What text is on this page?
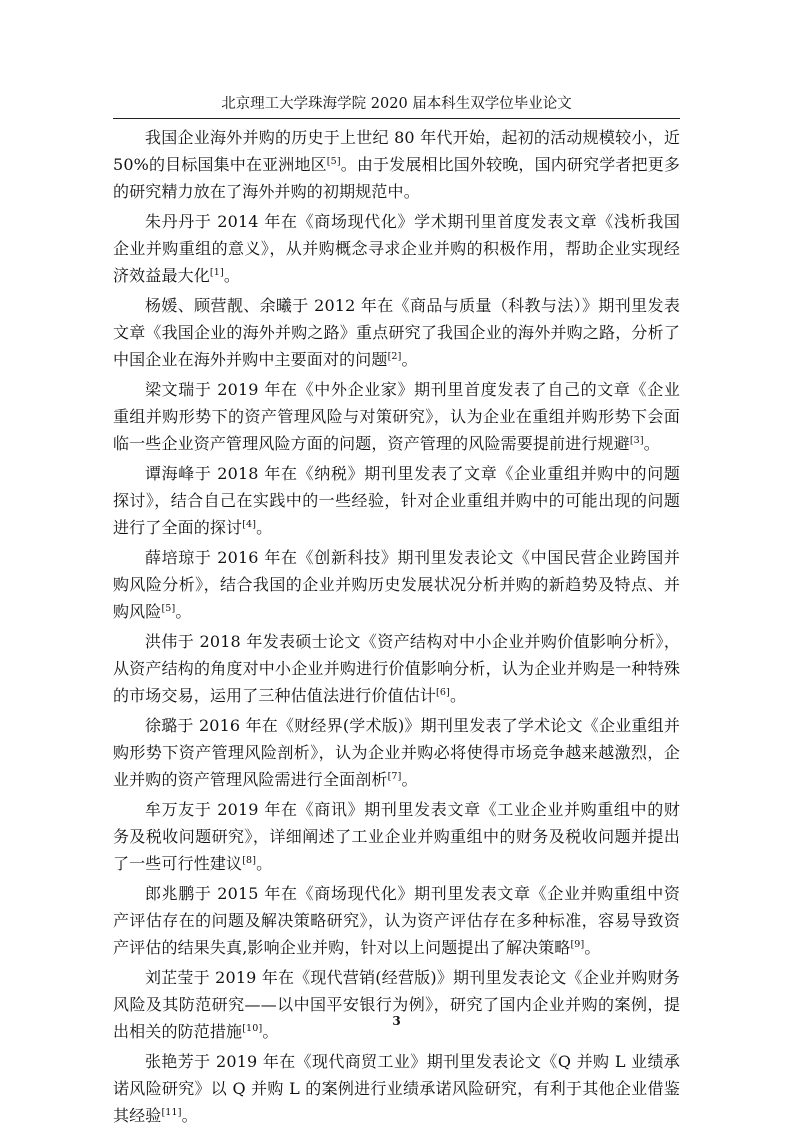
北京理工大学珠海学院 2020 届本科生双学位毕业论文

我国企业海外并购的历史于上世纪 80 年代开始，起初的活动规模较小，近 50%的目标国集中在亚洲地区[5]。由于发展相比国外较晚，国内研究学者把更多的研究精力放在了海外并购的初期规范中。

朱丹丹于 2014 年在《商场现代化》学术期刊里首度发表文章《浅析我国企业并购重组的意义》，从并购概念寻求企业并购的积极作用，帮助企业实现经济效益最大化[1]。

杨媛、顾营靓、余曦于 2012 年在《商品与质量（科教与法）》期刊里发表文章《我国企业的海外并购之路》重点研究了我国企业的海外并购之路，分析了中国企业在海外并购中主要面对的问题[2]。

梁文瑞于 2019 年在《中外企业家》期刊里首度发表了自己的文章《企业重组并购形势下的资产管理风险与对策研究》，认为企业在重组并购形势下会面临一些企业资产管理风险方面的问题，资产管理的风险需要提前进行规避[3]。

谭海峰于 2018 年在《纳税》期刊里发表了文章《企业重组并购中的问题探讨》，结合自己在实践中的一些经验，针对企业重组并购中的可能出现的问题进行了全面的探讨[4]。

薛培琼于 2016 年在《创新科技》期刊里发表论文《中国民营企业跨国并购风险分析》，结合我国的企业并购历史发展状况分析并购的新趋势及特点、并购风险[5]。

洪伟于 2018 年发表硕士论文《资产结构对中小企业并购价值影响分析》，从资产结构的角度对中小企业并购进行价值影响分析，认为企业并购是一种特殊的市场交易，运用了三种估值法进行价值估计[6]。

徐璐于 2016 年在《财经界(学术版)》期刊里发表了学术论文《企业重组并购形势下资产管理风险剖析》，认为企业并购必将使得市场竞争越来越激烈，企业并购的资产管理风险需进行全面剖析[7]。

牟万友于 2019 年在《商讯》期刊里发表文章《工业企业并购重组中的财务及税收问题研究》，详细阐述了工业企业并购重组中的财务及税收问题并提出了一些可行性建议[8]。

郎兆鹏于 2015 年在《商场现代化》期刊里发表文章《企业并购重组中资产评估存在的问题及解决策略研究》，认为资产评估存在多种标准，容易导致资产评估的结果失真,影响企业并购，针对以上问题提出了解决策略[9]。

刘芷莹于 2019 年在《现代营销(经营版)》期刊里发表论文《企业并购财务风险及其防范研究——以中国平安银行为例》，研究了国内企业并购的案例，提出相关的防范措施[10]。

张艳芳于 2019 年在《现代商贸工业》期刊里发表论文《Q 并购 L 业绩承诺风险研究》以 Q 并购 L 的案例进行业绩承诺风险研究，有利于其他企业借鉴其经验[11]。

3
